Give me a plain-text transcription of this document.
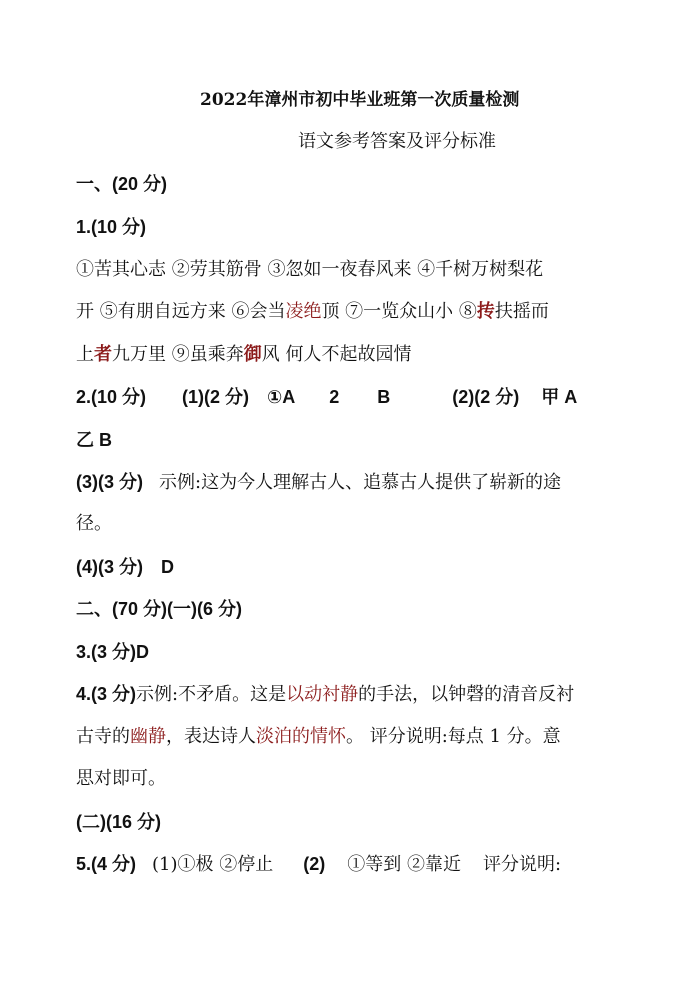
2022年漳州市初中毕业班第一次质量检测
语文参考答案及评分标准
一、(20 分)
1.(10 分)
①苦其心志 ②劳其筋骨 ③忽如一夜春风来 ④千树万树梨花
开 ⑤有朋自远方来 ⑥会当凌绝顶 ⑦一览众山小 ⑧抟扶摇而
上者九万里 ⑨虽乘奔御风 何人不起故园情
2.(10 分) (1)(2 分) ①A 2 B	(2)(2 分) 甲 A
乙 B
(3)(3 分) 示例:这为今人理解古人、追慕古人提供了崭新的途
径。
(4)(3 分) D
二、(70 分)(一)(6 分)
3.(3 分)D
4.(3 分)示例:不矛盾。这是以动衬静的手法，以钟磬的清音反衬
古寺的幽静，表达诗人淡泊的情怀。 评分说明:每点 1 分。意
思对即可。
(二)(16 分)
5.(4 分) (1)①极 ②停止 (2) ①等到 ②靠近 评分说明:
